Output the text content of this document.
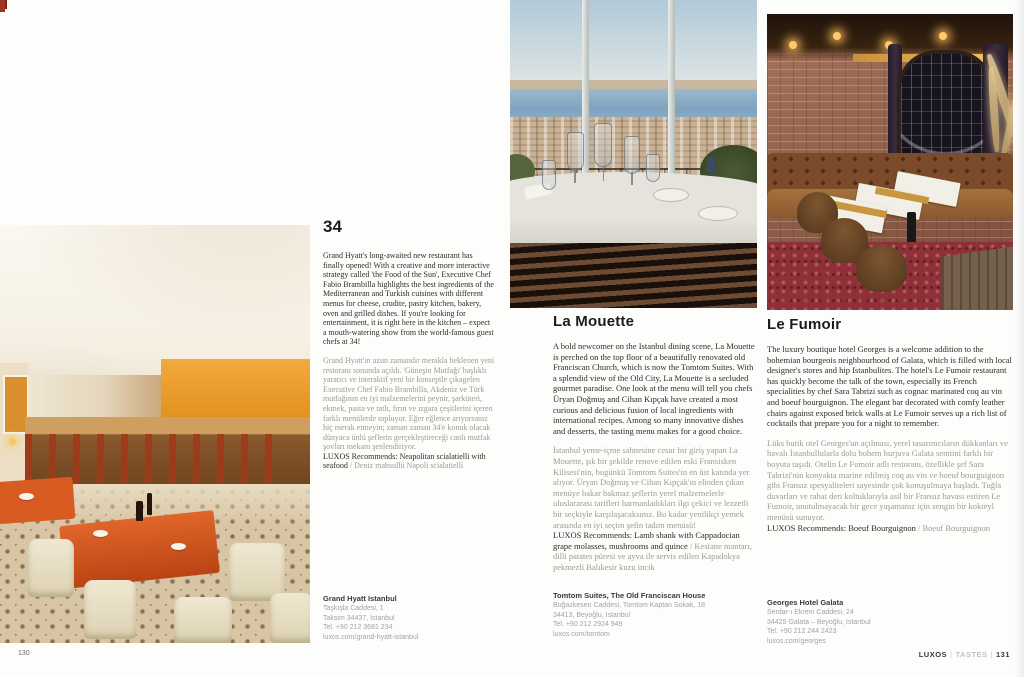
34

Grand Hyatt's long-awaited new restaurant has finally opened! With a creative and more interactive strategy called 'the Food of the Sun', Executive Chef Fabio Brambilla highlights the best ingredients of the Mediterranean and Turkish cuisines with different menus for cheese, crudite, pastry kitchen, bakery, oven and grilled dishes. If you're looking for entertainment, it is right here in the kitchen – expect a mouth-watering show from the world-famous guest chefs at 34!

Grand Hyatt'ın uzun zamandır merakla beklenen yeni restoranı sonunda açıldı. 'Güneşin Mutfağı' başlıklı yaratıcı ve interaktif yeni bir konseptle çıkagelen Executive Chef Fabio Brambilla, Akdeniz ve Türk mutfağının en iyi malzemelerini peynir, şarküteri, ekmek, pasta ve tatlı, fırın ve ızgara çeşitlerini içeren farklı menülerde topluyor. Eğer eğlence arıyorsanız hiç merak etmeyin; zaman zaman 34'e konuk olacak dünyaca ünlü şeflerin gerçekleştireceği canlı mutfak şovları mekanı şenlendiriyor.

LUXOS Recommends: Neapolitan scialatielli with seafood / Deniz mahsullü Napoli scialatielli

La Mouette

A bold newcomer on the Istanbul dining scene, La Mouette is perched on the top floor of a beautifully renovated old Franciscan Church, which is now the Tomtom Suites. With a splendid view of the Old City, La Mouette is a secluded gourmet paradise. One look at the menu will tell you chefs Üryan Doğmuş and Cihan Kıpçak have created a most curious and delicious fusion of local ingredients with international recipes. Among so many innovative dishes and desserts, the tasting menu makes for a good choice.

İstanbul yeme-içme sahnesine cesur bir giriş yapan La Mouette, şık bir şekilde renove edilen eski Fransisken Kilisesi'nin, bugünkü Tomtom Suites'in en üst katında yer alıyor. Üryan Doğmuş ve Cihan Kıpçak'ın elinden çıkan menüye bakar bakmaz şeflerin yerel malzemelerle uluslararası tarifleri harmanladıkları ilgi çekici ve lezzetli bir seçkiyle karşılaşacaksınız. Bu kadar yenilikçi yemek arasında en iyi seçim şefin tadım menüsü!

LUXOS Recommends: Lamb shank with Cappadocian grape molasses, mushrooms and quince / Kestane mantarı, dilli patates püresi ve ayva ile servis edilen Kapadokya pekmezli Balıkesir kuzu incik

Le Fumoir

The luxury boutique hotel Georges is a welcome addition to the bohemian bourgeois neighbourhood of Galata, which is filled with local designer's stores and hip Istanbulites. The hotel's Le Fumoir restaurant has quickly become the talk of the town, especially its French specialities by chef Sara Tabrizi such as cognac marinated coq au vin and boeuf bourguignon. The elegant bar decorated with comfy leather chairs against exposed brick walls at Le Fumoir serves up a rich list of cocktails that prepare you for a night to remember.

Lüks butik otel Georges'un açılması, yerel tasarımcıların dükkanları ve havalı İstanbullularla dolu bohem burjuva Galata semtini farklı bir boyuta taşıdı. Otelin Le Fumoir adlı restoranı, özellikle şef Sara Tabrizi'nin konyakta marine edilmiş coq au vin ve boeuf bourguignon gibi Fransız spesyaliteleri sayesinde çok konuşulmaya başladı. Tuğla duvarları ve rahat deri koltuklarıyla asil bir Fransız havası estiren Le Fumoir, unutulmayacak bir gece yaşamanız için zengin bir kokteyl menüsü sunuyor.

LUXOS Recommends: Boeuf Bourguignon / Boeuf Bourguignon

Grand Hyatt Istanbul
Taşkışla Caddesi, 1
Taksim 34437, Istanbul
Tel. +90 212 3681 234
luxos.com/grand-hyatt-istanbul
Tomtom Suites, The Old Franciscan House
Boğazkesen Caddesi, Tomtom Kaptan Sokak, 18
34413, Beyoğlu, Istanbul
Tel. +90 212 2924 949
luxos.com/tomtom
Georges Hotel Galata
Serdar-ı Ekrem Caddesi, 24
34425 Galata – Beyoğlu, Istanbul
Tel. +90 212 244 2423
luxos.com/georges
130	LUXOS | TASTES | 131
